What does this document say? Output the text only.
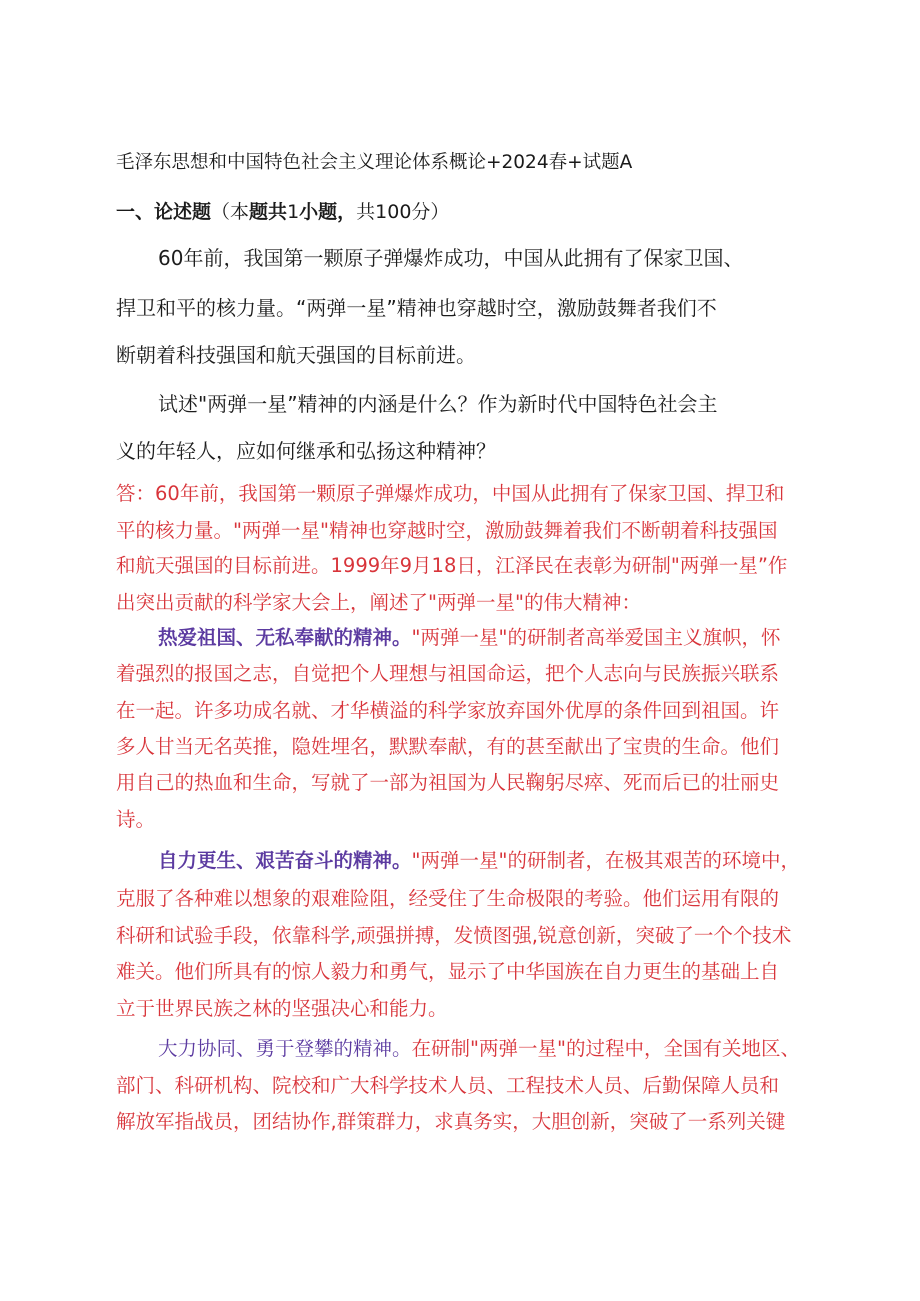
毛泽东思想和中国特色社会主义理论体系概论+2024春+试题A
一、论述题（本题共1小题，共100分）
60年前，我国第一颗原子弹爆炸成功，中国从此拥有了保家卫国、
捍卫和平的核力量。“两弹一星”精神也穿越时空，激励鼓舞者我们不
断朝着科技强国和航天强国的目标前进。
试述"两弹一星”精神的内涵是什么？作为新时代中国特色社会主
义的年轻人，应如何继承和弘扬这种精神？
答：60年前，我国第一颗原子弹爆炸成功，中国从此拥有了保家卫国、捍卫和
平的核力量。"两弹一星"精神也穿越时空，激励鼓舞着我们不断朝着科技强国
和航天强国的目标前进。1999年9月18日，江泽民在表彰为研制"两弹一星”作
出突出贡献的科学家大会上，阐述了"两弹一星"的伟大精神：
热爱祖国、无私奉献的精神。"两弹一星"的研制者高举爱国主义旗帜，怀
着强烈的报国之志，自觉把个人理想与祖国命运，把个人志向与民族振兴联系
在一起。许多功成名就、才华横溢的科学家放弃国外优厚的条件回到祖国。许
多人甘当无名英推，隐姓埋名，默默奉献，有的甚至献出了宝贵的生命。他们
用自己的热血和生命，写就了一部为祖国为人民鞠躬尽瘁、死而后已的壮丽史
诗。
自力更生、艰苦奋斗的精神。"两弹一星"的研制者，在极其艰苦的环境中，
克服了各种难以想象的艰难险阻，经受住了生命极限的考验。他们运用有限的
科研和试验手段，依靠科学,顽强拼搏，发愤图强,锐意创新，突破了一个个技术
难关。他们所具有的惊人毅力和勇气，显示了中华国族在自力更生的基础上自
立于世界民族之林的坚强决心和能力。
大力协同、勇于登攀的精神。在研制"两弹一星"的过程中，全国有关地区、
部门、科研机构、院校和广大科学技术人员、工程技术人员、后勤保障人员和
解放军指战员，团结协作,群策群力，求真务实，大胆创新，突破了一系列关键
